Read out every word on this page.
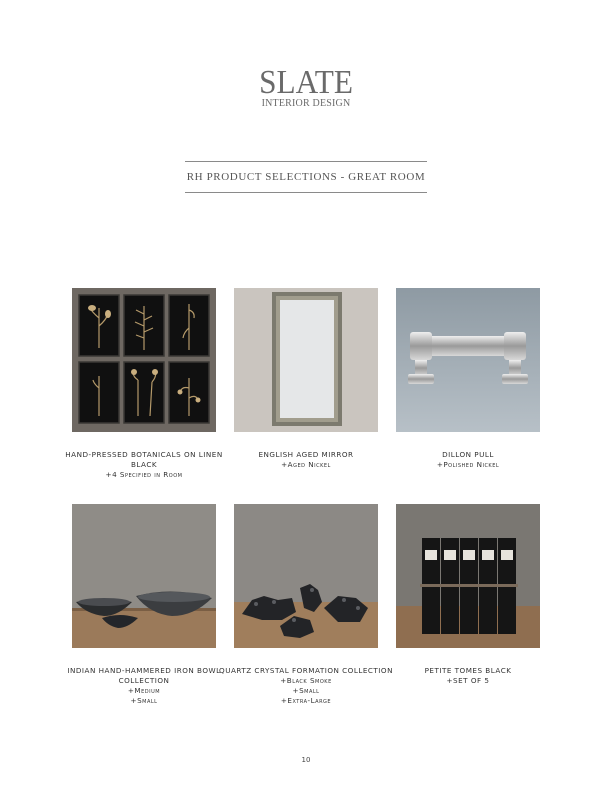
SLATE
INTERIOR DESIGN
RH PRODUCT SELECTIONS - GREAT ROOM
HAND-PRESSED BOTANICALS ON LINEN BLACK
+4 Specified in Room
ENGLISH AGED MIRROR
+Aged Nickel
DILLON PULL
+Polished Nickel
INDIAN HAND-HAMMERED IRON BOWL COLLECTION
+Medium
+Small
QUARTZ CRYSTAL FORMATION COLLECTION
+Black Smoke
+Small
+Extra-Large
PETITE TOMES BLACK
+SET OF 5
10
